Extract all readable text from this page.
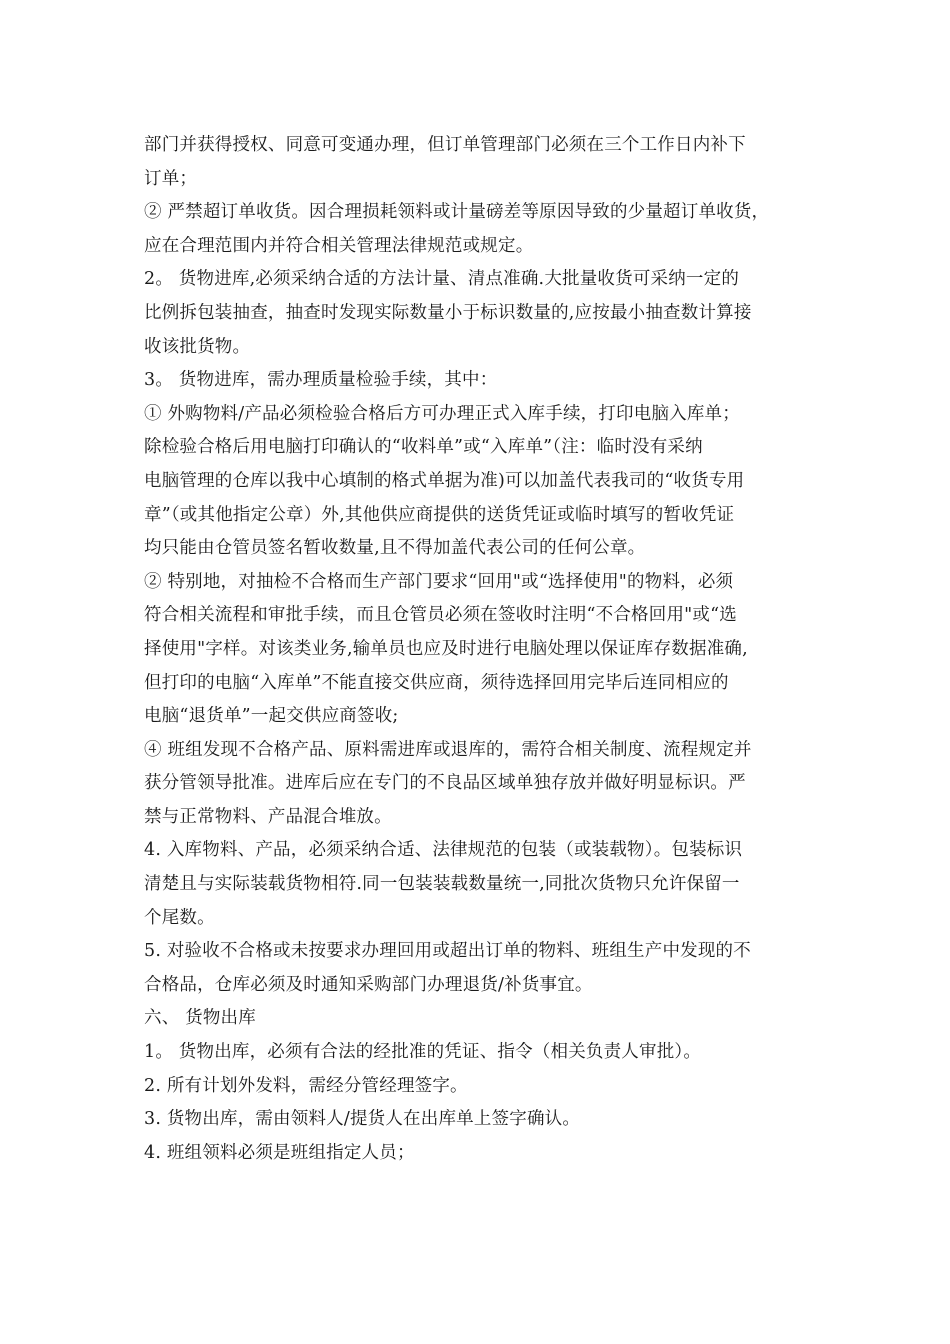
部门并获得授权、同意可变通办理，但订单管理部门必须在三个工作日内补下
订单；
② 严禁超订单收货。因合理损耗领料或计量磅差等原因导致的少量超订单收货，
应在合理范围内并符合相关管理法律规范或规定。
2。 货物进库,必须采纳合适的方法计量、清点准确.大批量收货可采纳一定的
比例拆包装抽查，抽查时发现实际数量小于标识数量的,应按最小抽查数计算接
收该批货物。
3。 货物进库，需办理质量检验手续，其中：
① 外购物料/产品必须检验合格后方可办理正式入库手续，打印电脑入库单；
除检验合格后用电脑打印确认的“收料单”或“入库单”（注：临时没有采纳
电脑管理的仓库以我中心填制的格式单据为准)可以加盖代表我司的“收货专用
章”（或其他指定公章）外,其他供应商提供的送货凭证或临时填写的暂收凭证
均只能由仓管员签名暂收数量,且不得加盖代表公司的任何公章。
② 特别地，对抽检不合格而生产部门要求“回用"或“选择使用"的物料，必须
符合相关流程和审批手续，而且仓管员必须在签收时注明“不合格回用"或“选
择使用"字样。对该类业务,输单员也应及时进行电脑处理以保证库存数据准确,
但打印的电脑“入库单”不能直接交供应商，须待选择回用完毕后连同相应的
电脑“退货单”一起交供应商签收;
④ 班组发现不合格产品、原料需进库或退库的，需符合相关制度、流程规定并
获分管领导批准。进库后应在专门的不良品区域单独存放并做好明显标识。严
禁与正常物料、产品混合堆放。
4. 入库物料、产品，必须采纳合适、法律规范的包装（或装载物）。包装标识
清楚且与实际装载货物相符.同一包装装载数量统一,同批次货物只允许保留一
个尾数。
5. 对验收不合格或未按要求办理回用或超出订单的物料、班组生产中发现的不
合格品，仓库必须及时通知采购部门办理退货/补货事宜。
六、 货物出库
1。 货物出库，必须有合法的经批准的凭证、指令（相关负责人审批）。
2. 所有计划外发料，需经分管经理签字。
3. 货物出库，需由领料人/提货人在出库单上签字确认。
4. 班组领料必须是班组指定人员；
